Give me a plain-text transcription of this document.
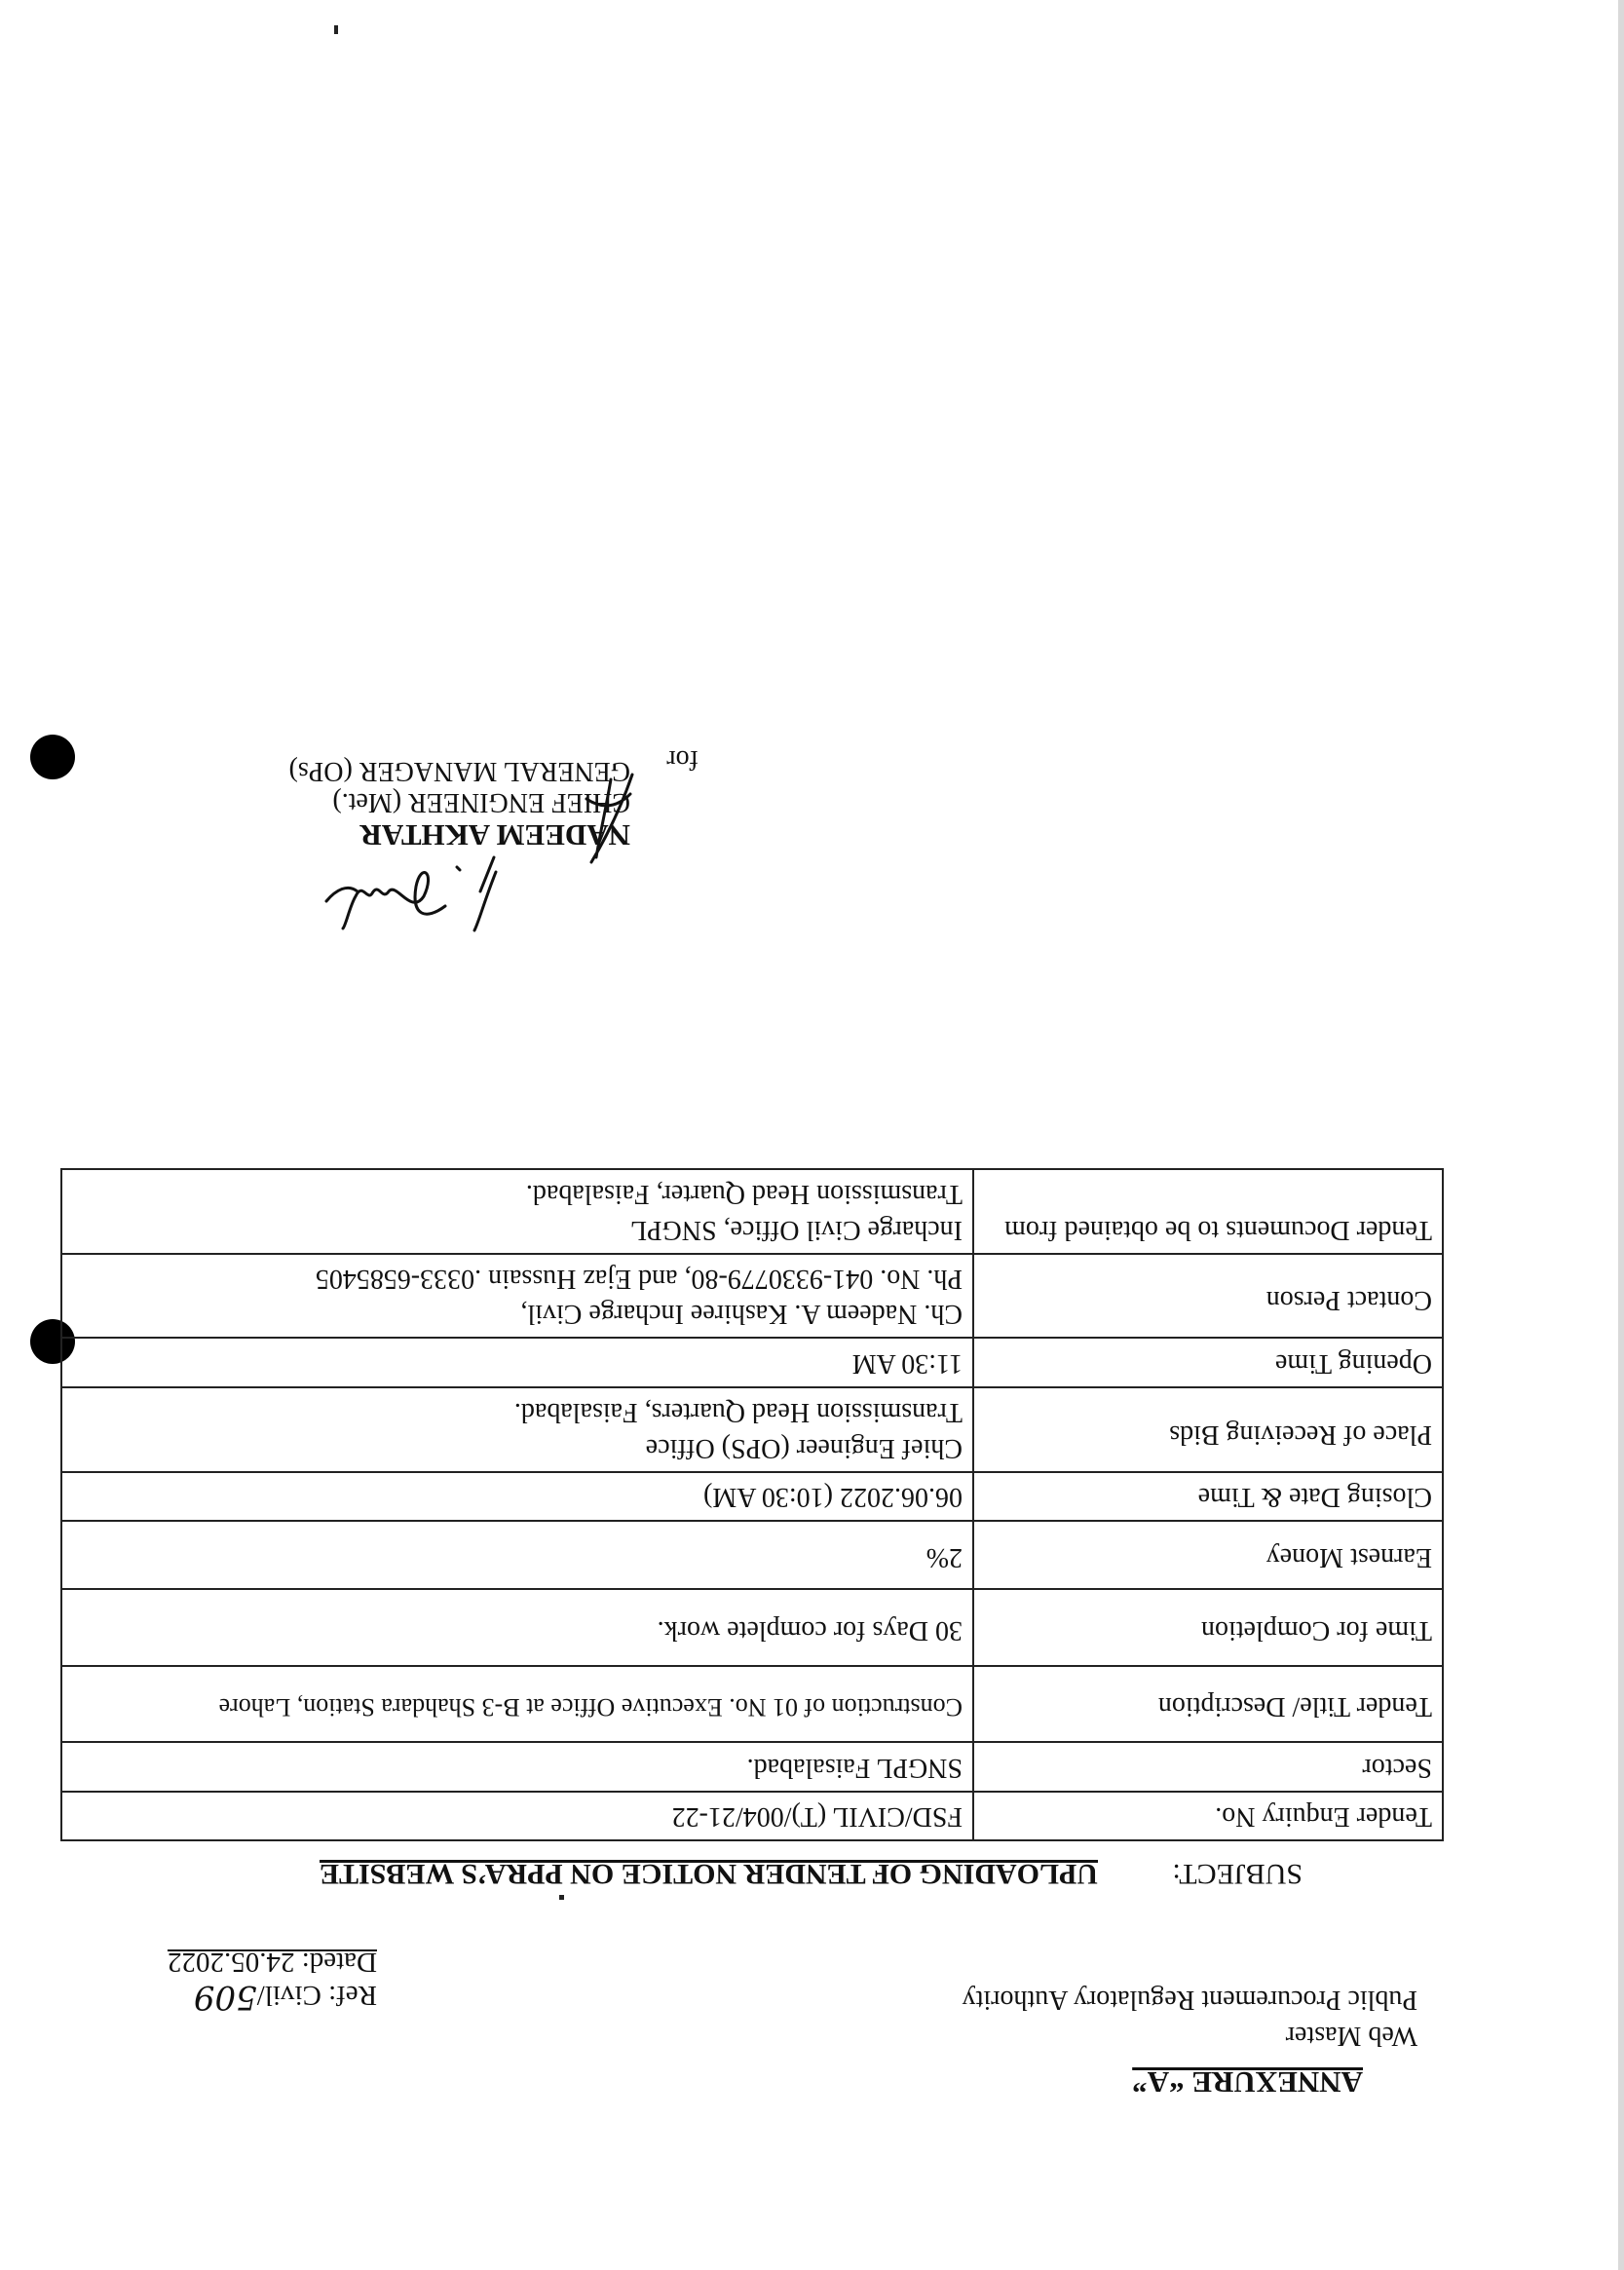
ANNEXURE “A”
Web Master
Public Procurement Regulatory Authority
Ref: Civil/509
Dated: 24.05.2022
SUBJECT:
UPLOADING OF TENDER NOTICE ON PPRA’S WEBSITE
Tender Enquiry No.	FSD/CIVIL (T)/004/21-22

Sector	SNGPL Faisalabad.

Tender Title/ Description	Construction of 01 No. Executive Office at B-3 Shahdara Station, Lahore

Time for Completion	30 Days for complete work.

Earnest Money	2%

Closing Date & Time	06.06.2022 (10:30 AM)

Place of Receiving Bids	Chief Engineer (OPS) Office
Transmission Head Quarters, Faisalabad.

Opening Time	11:30 AM

Contact Person	Ch. Nadeem A. Kashiree Incharge Civil,
Ph. No. 041-9330779-80, and Ejaz Hussain .0333-6585405

Tender Documents to be obtained from	Incharge Civil Office, SNGPL
Transmission Head Quarter, Faisalabad.
NADEEM AKHTAR
CHIEF ENGINEER (Met.)
GENERAL MANAGER (OPs) for
